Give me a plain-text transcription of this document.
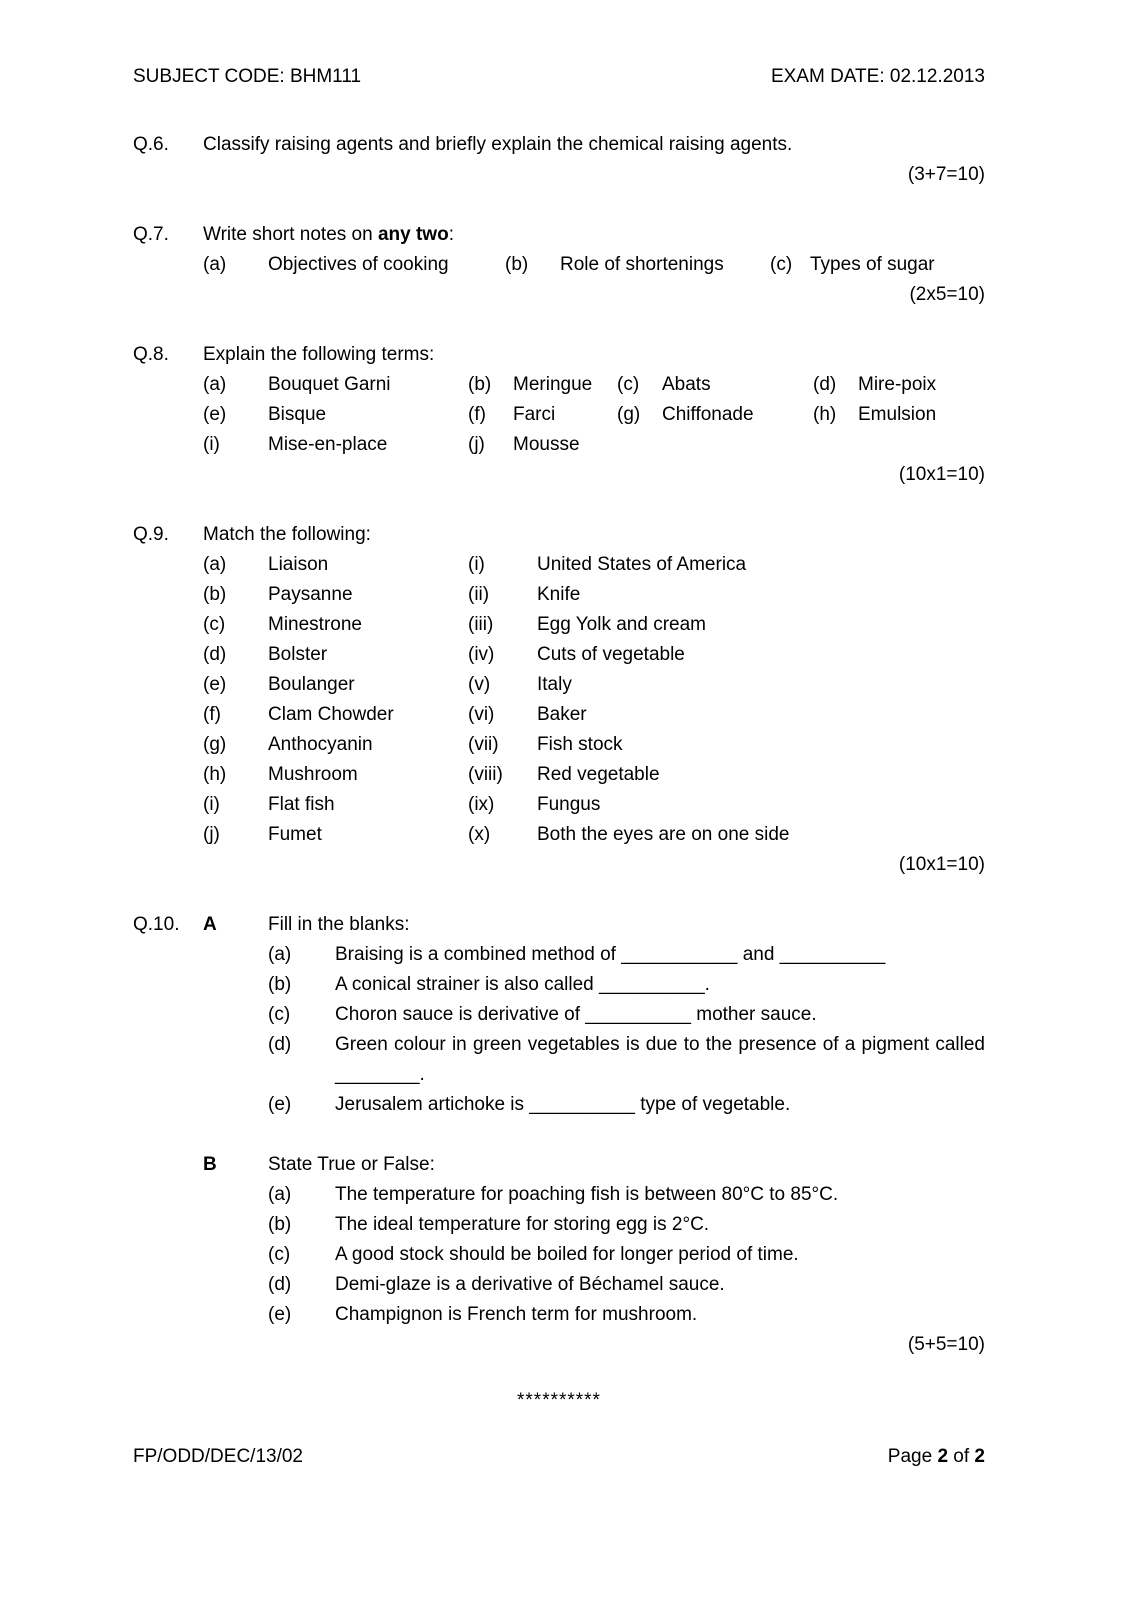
SUBJECT CODE: BHM111	EXAM DATE: 02.12.2013
Q.6.	Classify raising agents and briefly explain the chemical raising agents.
(3+7=10)
Q.7.	Write short notes on any two:
(a)	Objectives of cooking	(b)	Role of shortenings	(c) Types of sugar
(2x5=10)
Q.8.	Explain the following terms:
(a)	Bouquet Garni	(b)	Meringue	(c)	Abats	(d)	Mire-poix
(e)	Bisque	(f)	Farci	(g)	Chiffonade	(h)	Emulsion
(i)	Mise-en-place	(j)	Mousse
(10x1=10)
Q.9.	Match the following:
(a)	Liaison	(i)	United States of America
(b)	Paysanne	(ii)	Knife
(c)	Minestrone	(iii)	Egg Yolk and cream
(d)	Bolster	(iv)	Cuts of vegetable
(e)	Boulanger	(v)	Italy
(f)	Clam Chowder	(vi)	Baker
(g)	Anthocyanin	(vii)	Fish stock
(h)	Mushroom	(viii)	Red vegetable
(i)	Flat fish	(ix)	Fungus
(j)	Fumet	(x)	Both the eyes are on one side
(10x1=10)
Q.10.	A	Fill in the blanks:
(a)	Braising is a combined method of ___________ and __________
(b)	A conical strainer is also called __________.
(c)	Choron sauce is derivative of __________ mother sauce.
(d)	Green colour in green vegetables is due to the presence of a pigment called ________.
(e)	Jerusalem artichoke is __________ type of vegetable.
B	State True or False:
(a)	The temperature for poaching fish is between 80°C to 85°C.
(b)	The ideal temperature for storing egg is 2°C.
(c)	A good stock should be boiled for longer period of time.
(d)	Demi-glaze is a derivative of Béchamel sauce.
(e)	Champignon is French term for mushroom.
(5+5=10)
**********
FP/ODD/DEC/13/02	Page 2 of 2
